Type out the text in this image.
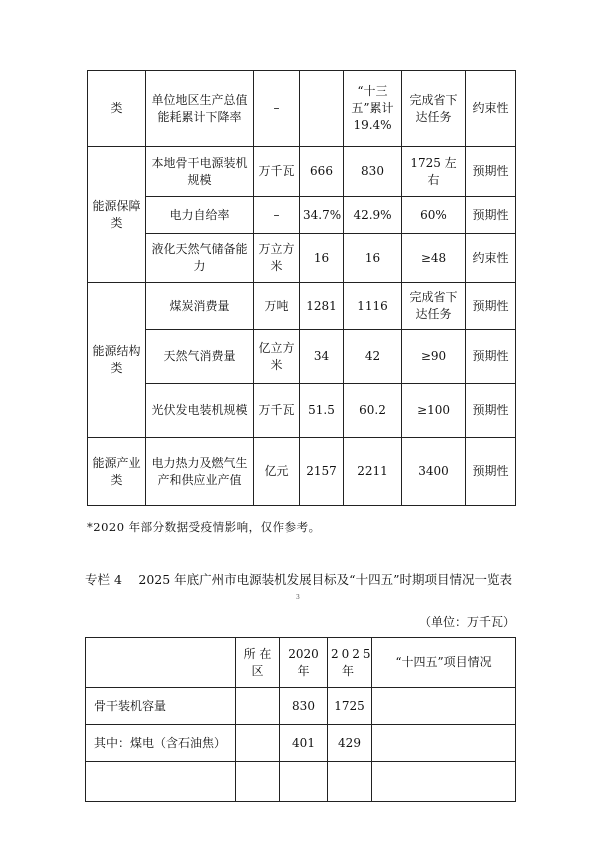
类	单位地区生产总值能耗累计下降率	–		“十三五”累计19.4%	完成省下达任务	约束性
能源保障类	本地骨干电源装机规模	万千瓦	666	830	1725 左右	预期性
	电力自给率	–	34.7%	42.9%	60%	预期性
	液化天然气储备能力	万立方米	16	16	≥48	约束性
能源结构类	煤炭消费量	万吨	1281	1116	完成省下达任务	预期性
	天然气消费量	亿立方米	34	42	≥90	预期性
	光伏发电装机规模	万千瓦	51.5	60.2	≥100	预期性
能源产业类	电力热力及燃气生产和供应业产值	亿元	2157	2211	3400	预期性
*2020 年部分数据受疫情影响，仅作参考。
专栏 4　 2025 年底广州市电源装机发展目标及“十四五”时期项目情况一览表
3
（单位：万千瓦）
	所 在 区	2020 年	2025 年	“十四五”项目情况
骨干装机容量		830	1725	
其中：煤电（含石油焦）		401	429	
